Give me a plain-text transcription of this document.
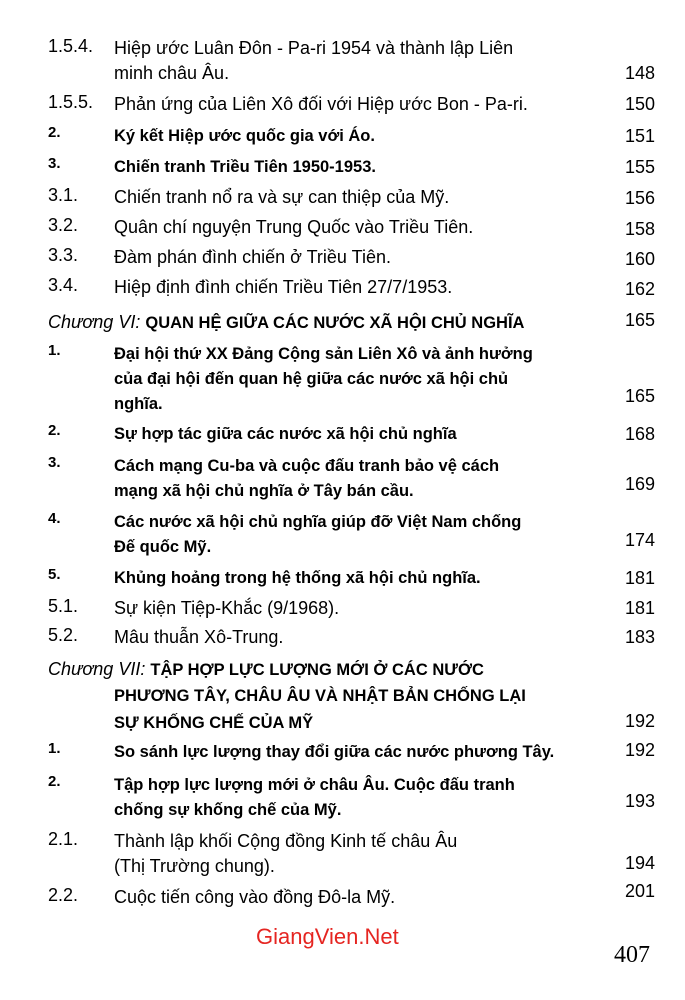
1.5.4. Hiệp ước Luân Đôn - Pa-ri 1954 và thành lập Liên
minh châu Âu.	148
1.5.5. Phản ứng của Liên Xô đối với Hiệp ước Bon - Pa-ri.	150
2.	Ký kết Hiệp ước quốc gia với Áo.	151
3.	Chiến tranh Triều Tiên 1950-1953.	155
3.1. Chiến tranh nổ ra và sự can thiệp của Mỹ.	156
3.2. Quân chí nguyện Trung Quốc vào Triều Tiên.	158
3.3. Đàm phán đình chiến ở Triều Tiên.	160
3.4. Hiệp định đình chiến Triều Tiên 27/7/1953.	162
Chương VI: QUAN HỆ GIỮA CÁC NƯỚC XÃ HỘI CHỦ NGHĨA	165
1.	Đại hội thứ XX Đảng Cộng sản Liên Xô và ảnh hưởng
của đại hội đến quan hệ giữa các nước xã hội chủ
nghĩa.	165
2.	Sự hợp tác giữa các nước xã hội chủ nghĩa	168
3.	Cách mạng Cu-ba và cuộc đấu tranh bảo vệ cách
mạng xã hội chủ nghĩa ở Tây bán cầu.	169
4.	Các nước xã hội chủ nghĩa giúp đỡ Việt Nam chống
Đế quốc Mỹ.	174
5.	Khủng hoảng trong hệ thống xã hội chủ nghĩa.	181
5.1. Sự kiện Tiệp-Khắc (9/1968).	181
5.2. Mâu thuẫn Xô-Trung.	183
Chương VII: TẬP HỢP LỰC LƯỢNG MỚI Ở CÁC NƯỚC
PHƯƠNG TÂY, CHÂU ÂU VÀ NHẬT BẢN CHỐNG LẠI
SỰ KHỐNG CHẾ CỦA MỸ	192
1.	So sánh lực lượng thay đổi giữa các nước phương Tây.	192
2.	Tập hợp lực lượng mới ở châu Âu. Cuộc đấu tranh
chống sự khống chế của Mỹ.	193
2.1. Thành lập khối Cộng đồng Kinh tế châu Âu
(Thị Trường chung).	194
2.2. Cuộc tiến công vào đồng Đô-la Mỹ.	201
GiangVien.Net
407
